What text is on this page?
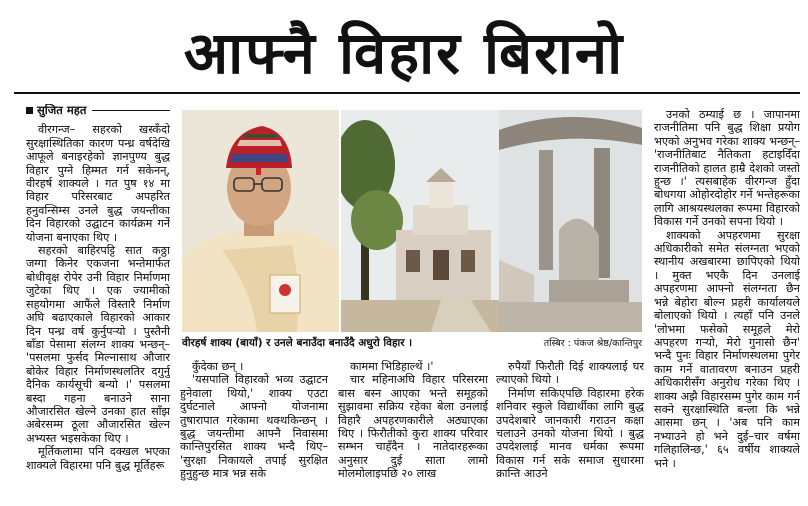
आफ्नै विहार बिरानो
सुजित महत

वीरगन्ज– सहरको खस्कँदो सुरक्षास्थितिका कारण पन्ध्र वर्षदेखि आफूले बनाइरहेको ज्ञानपुण्य बुद्ध विहार पुग्ने हिम्मत गर्न सकेनन्, वीरहर्ष शाक्यले । गत पुष १४ मा विहार परिसरबाट अपहरित हनुवन्सिम्स उनले बुद्ध जयन्तीका दिन विहारको उद्घाटन कार्यक्रम गर्ने योजना बनाएका थिए ।

सहरको बाहिरपट्टि सात कठ्ठा जग्गा किनेर एकजना भन्तेमार्फत बोधीवृक्ष रोपेर उनी विहार निर्माणमा जुटेका थिए । एक ज्यामीको सहयोगमा आफैंले विस्तारै निर्माण अघि बढाएकाले विहारको आकार दिन पन्ध्र वर्ष कुर्नुपर्‍यो । पुस्तैनी बाँडा पेसामा संलग्न शाक्य भन्छन्– 'पसलमा फुर्सद मिल्नासाथ औजार बोकेर विहार निर्माणस्थलतिर दगुर्नु दैनिक कार्यसूची बन्यो ।' पसलमा बस्दा गहना बनाउने साना औजारसित खेल्ने उनका हात साँझ अबेरसम्म ठूला औजारसित खेल्न अभ्यस्त भइसकेका थिए ।

मूर्तिकलामा पनि दक्खल भएका शाक्यले विहारमा पनि बुद्ध मूर्तिहरू

वीरहर्ष शाक्य (बायाँ) र उनले बनाउँदा बनाउँदै अधुरो विहार ।	तस्बिर : पंकज श्रेष्ठ/कान्तिपुर

कुँदेका छन् ।

'यसपालि विहारको भव्य उद्घाटन हुनेवाला थियो,' शाक्य एउटा दुर्घटनाले आफ्नो योजनामा तुषारापात गरेकामा थक्थकिन्छन् । बुद्ध जयन्तीमा आफ्नै निवासमा कान्तिपुरसित शाक्य भन्दै थिए– 'सुरक्षा निकायले तपाई सुरक्षित हुनुहुन्छ मात्र भन्न सके

काममा भिडिहाल्थें ।'

चार महिनाअघि विहार परिसरमा बास बस्न आएका भन्ते समूहको सुझावमा सक्रिय रहेका बेला उनलाई विहारै अपहरणकारीले अठ्याएका थिए । फिरौतीको कुरा शाक्य परिवार सम्भन चाहँदैन । नातेदारहरूका अनुसार दुई साता लामो मोलमोलाइपछि २० लाख

रुपैयाँ फिरौती दिई शाक्यलाई घर ल्याएको थियो ।

निर्माण सकिएपछि विहारमा हरेक शनिवार स्कुले विद्यार्थीका लागि बुद्ध उपदेशबारे जानकारी गराउन कक्षा चलाउने उनको योजना थियो । बुद्ध उपदेशलाई मानव धर्मका रूपमा विकास गर्न सके समाज सुधारमा क्रान्ति आउने

उनको ठम्याई छ । जापानमा राजनीतिमा पनि बुद्ध शिक्षा प्रयोग भएको अनुभव गरेका शाक्य भन्छन्– 'राजनीतिबाट नैतिकता हटाइदिँदा राजनीतिको हालत हाम्रै देशको जस्तो हुन्छ ।' त्यसबाहेक वीरगन्ज हुँदा बोधगया ओहोरदोहोर गर्ने भन्तेहरूका लागि आश्रयस्थलका रूपमा विहारको विकास गर्ने उनको सपना थियो ।

शाक्यको अपहरणमा सुरक्षा अधिकारीको समेत संलग्नता भएको स्थानीय अखबारमा छापिएको थियो । मुक्त भएकै दिन उनलाई अपहरणमा आफ्नो संलग्नता छैन भन्ने बेहोरा बोल्न प्रहरी कार्यालयले बोलाएको थियो । त्यहाँ पनि उनले 'लोभमा फसेको समूहले मेरो अपहरण गर्‍यो, मेरो गुनासो छैन' भन्दै पुनः विहार निर्माणस्थलमा पुगेर काम गर्ने वातावरण बनाउन प्रहरी अधिकारीसँग अनुरोध गरेका थिए । शाक्य अझै विहारसम्म पुगेर काम गर्न सक्ने सुरक्षास्थिति बन्ला कि भन्ने आसमा छन् । 'अब पनि काम नभ्याउने हो भने दुई–चार वर्षमा गलिहालिन्छ,' ६५ वर्षीय शाक्यले भने ।
